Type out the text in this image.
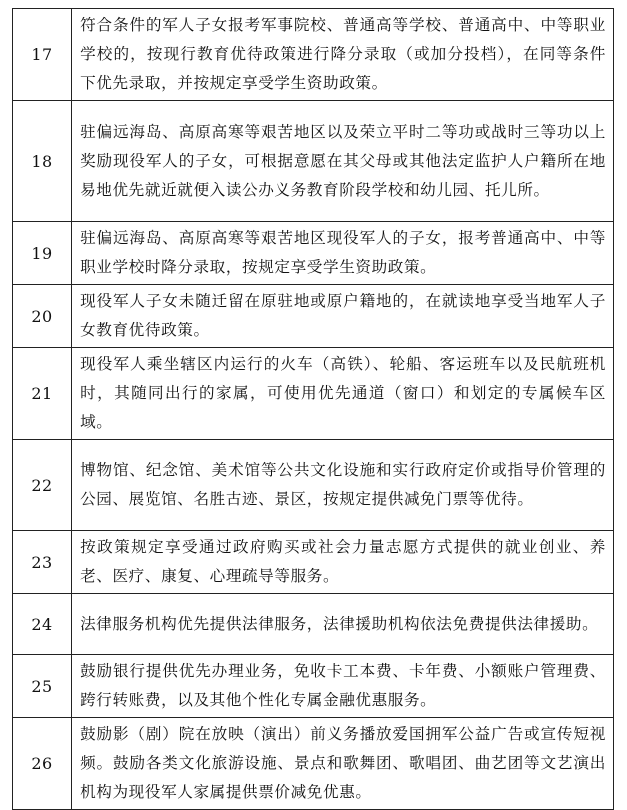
17	符合条件的军人子女报考军事院校、普通高等学校、普通高中、中等职业学校的，按现行教育优待政策进行降分录取（或加分投档），在同等条件下优先录取，并按规定享受学生资助政策。
18	驻偏远海岛、高原高寒等艰苦地区以及荣立平时二等功或战时三等功以上奖励现役军人的子女，可根据意愿在其父母或其他法定监护人户籍所在地易地优先就近就便入读公办义务教育阶段学校和幼儿园、托儿所。
19	驻偏远海岛、高原高寒等艰苦地区现役军人的子女，报考普通高中、中等职业学校时降分录取，按规定享受学生资助政策。
20	现役军人子女未随迁留在原驻地或原户籍地的，在就读地享受当地军人子女教育优待政策。
21	现役军人乘坐辖区内运行的火车（高铁）、轮船、客运班车以及民航班机时，其随同出行的家属，可使用优先通道（窗口）和划定的专属候车区域。
22	博物馆、纪念馆、美术馆等公共文化设施和实行政府定价或指导价管理的公园、展览馆、名胜古迹、景区，按规定提供减免门票等优待。
23	按政策规定享受通过政府购买或社会力量志愿方式提供的就业创业、养老、医疗、康复、心理疏导等服务。
24	法律服务机构优先提供法律服务，法律援助机构依法免费提供法律援助。
25	鼓励银行提供优先办理业务，免收卡工本费、卡年费、小额账户管理费、跨行转账费，以及其他个性化专属金融优惠服务。
26	鼓励影（剧）院在放映（演出）前义务播放爱国拥军公益广告或宣传短视频。鼓励各类文化旅游设施、景点和歌舞团、歌唱团、曲艺团等文艺演出机构为现役军人家属提供票价减免优惠。
